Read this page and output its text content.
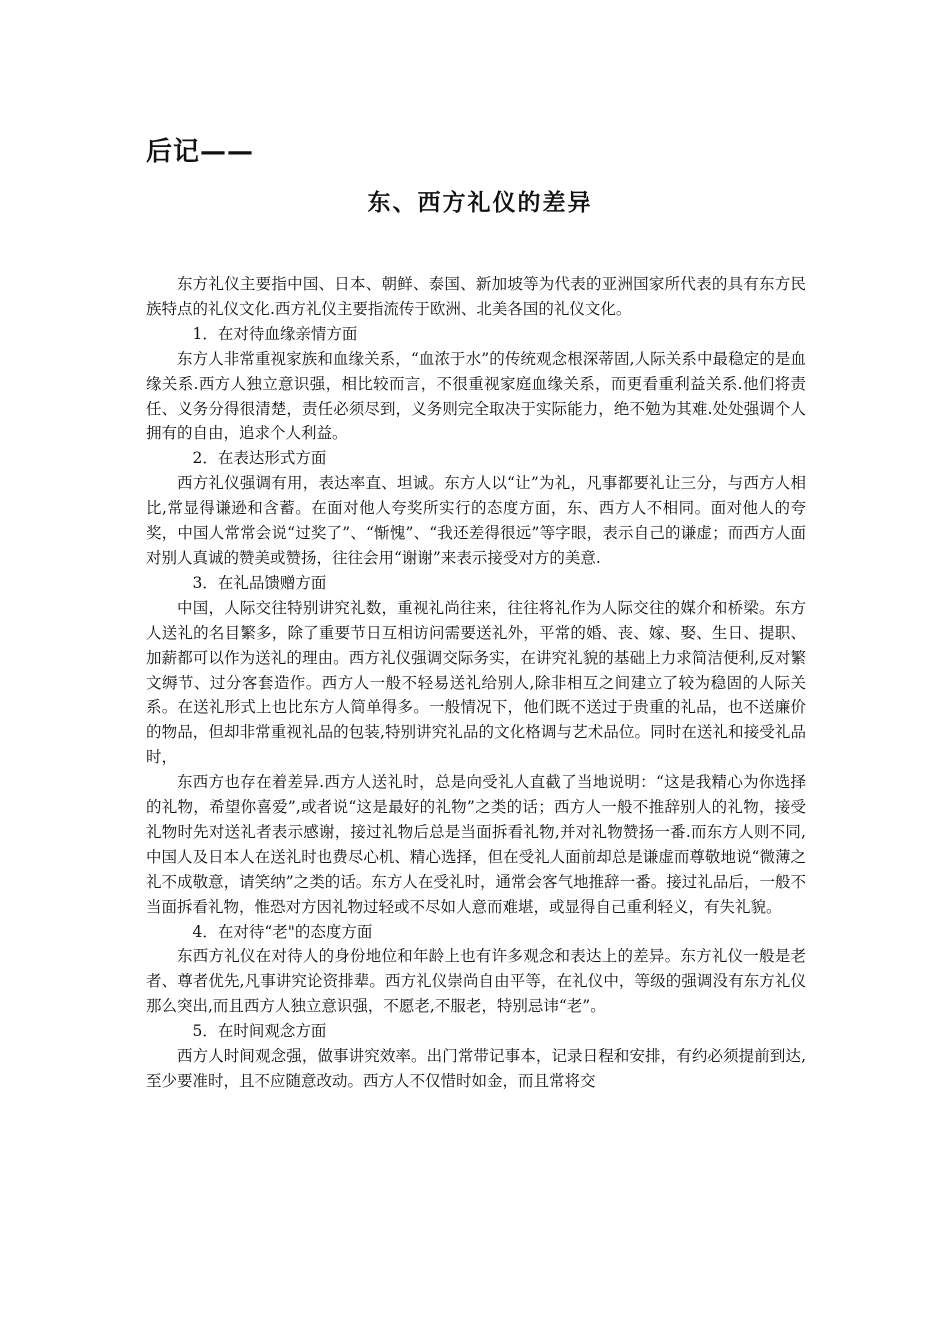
后记——
东、西方礼仪的差异

东方礼仪主要指中国、日本、朝鲜、泰国、新加坡等为代表的亚洲国家所代表的具有东方民族特点的礼仪文化.西方礼仪主要指流传于欧洲、北美各国的礼仪文化。

1．在对待血缘亲情方面

东方人非常重视家族和血缘关系，“血浓于水”的传统观念根深蒂固,人际关系中最稳定的是血缘关系.西方人独立意识强，相比较而言，不很重视家庭血缘关系，而更看重利益关系.他们将责任、义务分得很清楚，责任必须尽到，义务则完全取决于实际能力，绝不勉为其难.处处强调个人拥有的自由，追求个人利益。

2．在表达形式方面

西方礼仪强调有用，表达率直、坦诚。东方人以“让”为礼，凡事都要礼让三分，与西方人相比,常显得谦逊和含蓄。在面对他人夸奖所实行的态度方面，东、西方人不相同。面对他人的夸奖，中国人常常会说“过奖了”、“惭愧”、“我还差得很远”等字眼，表示自己的谦虚；而西方人面对别人真诚的赞美或赞扬，往往会用“谢谢”来表示接受对方的美意.

3．在礼品馈赠方面

中国，人际交往特别讲究礼数，重视礼尚往来，往往将礼作为人际交往的媒介和桥梁。东方人送礼的名目繁多，除了重要节日互相访问需要送礼外，平常的婚、丧、嫁、娶、生日、提职、加薪都可以作为送礼的理由。西方礼仪强调交际务实，在讲究礼貌的基础上力求简洁便利,反对繁文缛节、过分客套造作。西方人一般不轻易送礼给别人,除非相互之间建立了较为稳固的人际关系。在送礼形式上也比东方人简单得多。一般情况下，他们既不送过于贵重的礼品，也不送廉价的物品，但却非常重视礼品的包装,特别讲究礼品的文化格调与艺术品位。同时在送礼和接受礼品时，

东西方也存在着差异.西方人送礼时，总是向受礼人直截了当地说明：“这是我精心为你选择的礼物，希望你喜爱”,或者说“这是最好的礼物”之类的话；西方人一般不推辞别人的礼物，接受礼物时先对送礼者表示感谢，接过礼物后总是当面拆看礼物,并对礼物赞扬一番.而东方人则不同,中国人及日本人在送礼时也费尽心机、精心选择，但在受礼人面前却总是谦虚而尊敬地说“微薄之礼不成敬意，请笑纳”之类的话。东方人在受礼时，通常会客气地推辞一番。接过礼品后，一般不当面拆看礼物，惟恐对方因礼物过轻或不尽如人意而难堪，或显得自己重利轻义，有失礼貌。

4．在对待“老"的态度方面

东西方礼仪在对待人的身份地位和年龄上也有许多观念和表达上的差异。东方礼仪一般是老者、尊者优先,凡事讲究论资排辈。西方礼仪崇尚自由平等，在礼仪中，等级的强调没有东方礼仪那么突出,而且西方人独立意识强，不愿老,不服老，特别忌讳“老”。

5．在时间观念方面

西方人时间观念强，做事讲究效率。出门常带记事本，记录日程和安排，有约必须提前到达,至少要准时，且不应随意改动。西方人不仅惜时如金，而且常将交
